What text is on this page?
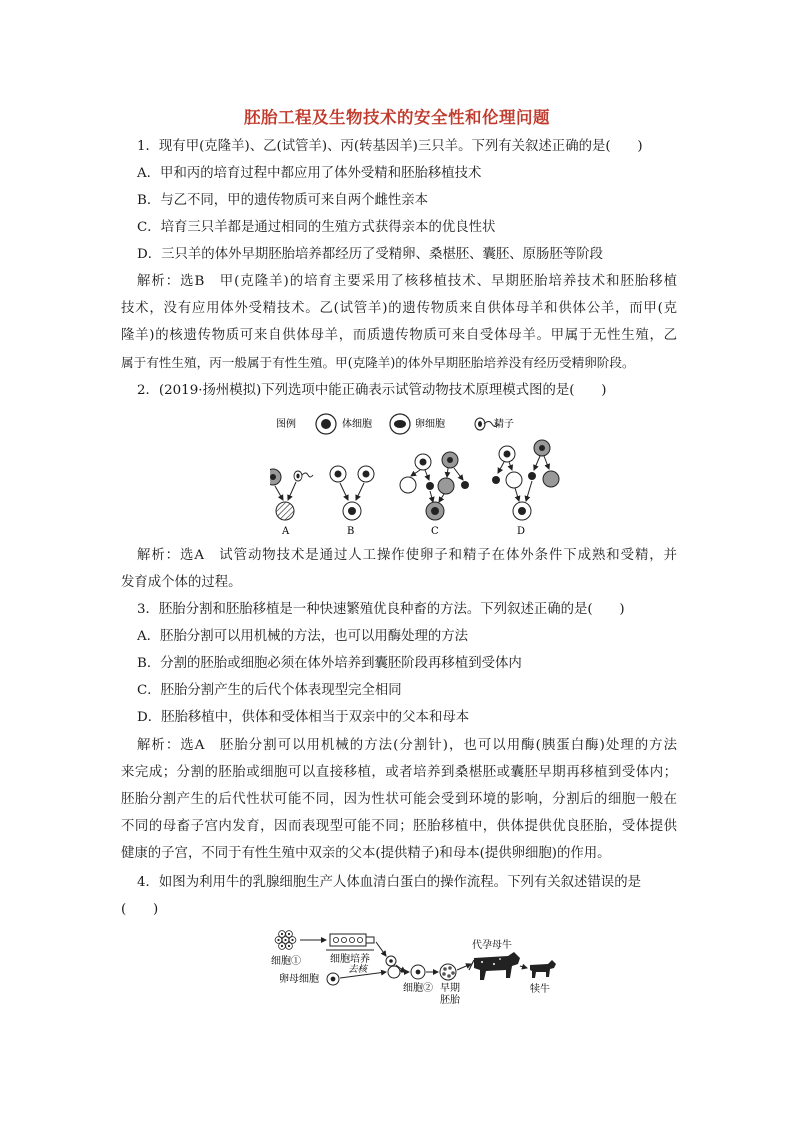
胚胎工程及生物技术的安全性和伦理问题
1．现有甲(克隆羊)、乙(试管羊)、丙(转基因羊)三只羊。下列有关叙述正确的是(　　)
A．甲和丙的培育过程中都应用了体外受精和胚胎移植技术
B．与乙不同，甲的遗传物质可来自两个雌性亲本
C．培育三只羊都是通过相同的生殖方式获得亲本的优良性状
D．三只羊的体外早期胚胎培养都经历了受精卵、桑椹胚、囊胚、原肠胚等阶段
解析：选B　甲(克隆羊)的培育主要采用了核移植技术、早期胚胎培养技术和胚胎移植
技术，没有应用体外受精技术。乙(试管羊)的遗传物质来自供体母羊和供体公羊，而甲(克
隆羊)的核遗传物质可来自供体母羊，而质遗传物质可来自受体母羊。甲属于无性生殖，乙
属于有性生殖，丙一般属于有性生殖。甲(克隆羊)的体外早期胚胎培养没有经历受精卵阶段。
2．(2019·扬州模拟)下列选项中能正确表示试管动物技术原理模式图的是(　　)
图例	体细胞	卵细胞	精子
A	B	C	D
解析：选A　试管动物技术是通过人工操作使卵子和精子在体外条件下成熟和受精，并
发育成个体的过程。
3．胚胎分割和胚胎移植是一种快速繁殖优良种畜的方法。下列叙述正确的是(　　)
A．胚胎分割可以用机械的方法，也可以用酶处理的方法
B．分割的胚胎或细胞必须在体外培养到囊胚阶段再移植到受体内
C．胚胎分割产生的后代个体表现型完全相同
D．胚胎移植中，供体和受体相当于双亲中的父本和母本
解析：选A　胚胎分割可以用机械的方法(分割针)，也可以用酶(胰蛋白酶)处理的方法
来完成；分割的胚胎或细胞可以直接移植，或者培养到桑椹胚或囊胚早期再移植到受体内；
胚胎分割产生的后代性状可能不同，因为性状可能会受到环境的影响，分割后的细胞一般在
不同的母畜子宫内发育，因而表现型可能不同；胚胎移植中，供体提供优良胚胎，受体提供
健康的子宫，不同于有性生殖中双亲的父本(提供精子)和母本(提供卵细胞)的作用。
4．如图为利用牛的乳腺细胞生产人体血清白蛋白的操作流程。下列有关叙述错误的是
(　　)
细胞①	细胞培养
卵母细胞
去核
细胞② 早期
胚胎
代孕母牛
犊牛
